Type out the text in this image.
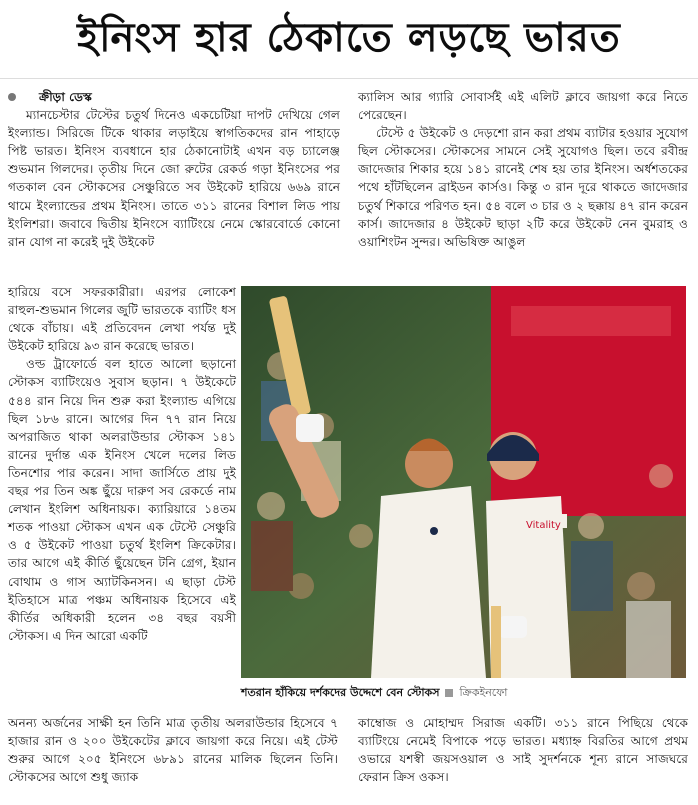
ইনিংস হার ঠেকাতে লড়ছে ভারত

ক্রীড়া ডেস্ক

ম্যানচেস্টার টেস্টের চতুর্থ দিনেও একচেটিয়া দাপট দেখিয়ে গেল ইংল্যান্ড। সিরিজে টিকে থাকার লড়াইয়ে স্বাগতিকদের রান পাহাড়ে পিষ্ট ভারত। ইনিংস ব্যবধানে হার ঠেকানোটাই এখন বড় চ্যালেঞ্জ শুভমান গিলদের। তৃতীয় দিনে জো রুটের রেকর্ড গড়া ইনিংসের পর গতকাল বেন স্টোকসের সেঞ্চুরিতে সব উইকেট হারিয়ে ৬৬৯ রানে থামে ইংল্যান্ডের প্রথম ইনিংস। তাতে ৩১১ রানের বিশাল লিড পায় ইংলিশরা। জবাবে দ্বিতীয় ইনিংসে ব্যাটিংয়ে নেমে স্কোরবোর্ডে কোনো রান যোগ না করেই দুই উইকেট

হারিয়ে বসে সফরকারীরা। এরপর লোকেশ রাহুল-শুভমান গিলের জুটি ভারতকে ব্যাটিং ধস থেকে বাঁচায়। এই প্রতিবেদন লেখা পর্যন্ত দুই উইকেট হারিয়ে ৯৩ রান করেছে ভারত।

ওল্ড ট্রাফোর্ডে বল হাতে আলো ছড়ানো স্টোকস ব্যাটিংয়েও সুবাস ছড়ান। ৭ উইকেটে ৫৪৪ রান নিয়ে দিন শুরু করা ইংল্যান্ড এগিয়ে ছিল ১৮৬ রানে। আগের দিন ৭৭ রান নিয়ে অপরাজিত থাকা অলরাউন্ডার স্টোকস ১৪১ রানের দুর্দান্ত এক ইনিংস খেলে দলের লিড তিনশোর পার করেন। সাদা জার্সিতে প্রায় দুই বছর পর তিন অঙ্ক ছুঁয়ে দারুণ সব রেকর্ডে নাম লেখান ইংলিশ অধিনায়ক। ক্যারিয়ারে ১৪তম শতক পাওয়া স্টোকস এখন এক টেস্টে সেঞ্চুরি ও ৫ উইকেট পাওয়া চতুর্থ ইংলিশ ক্রিকেটার। তার আগে এই কীর্তি ছুঁয়েছেন টনি গ্রেগ, ইয়ান বোথাম ও গাস অ্যাটকিনসন। এ ছাড়া টেস্ট ইতিহাসে মাত্র পঞ্চম অধিনায়ক হিসেবে এই কীর্তির অধিকারী হলেন ৩৪ বছর বয়সী স্টোকস। এ দিন আরো একটি

ক্যালিস আর গ্যারি সোবার্সই এই এলিট ক্লাবে জায়গা করে নিতে পেরেছেন।

টেস্টে ৫ উইকেট ও দেড়শো রান করা প্রথম ব্যাটার হওয়ার সুযোগ ছিল স্টোকসের। স্টোকসের সামনে সেই সুযোগও ছিল। তবে রবীন্দ্র জাদেজার শিকার হয়ে ১৪১ রানেই শেষ হয় তার ইনিংস। অর্ধশতকের পথে হাঁটছিলেন ব্রাইডন কার্স‌ও। কিন্তু ৩ রান দূরে থাকতে জাদেজার চতুর্থ শিকারে পরিণত হন। ৫৪ বলে ৩ চার ও ২ ছক্কায় ৪৭ রান করেন কার্স। জাদেজার ৪ উইকেট ছাড়া ২টি করে উইকেট নেন বুমরাহ ও ওয়াশিংটন সুন্দর। অভিষিক্ত আঙুল

Vitality
শতরান হাঁকিয়ে দর্শকদের উদ্দেশে বেন স্টোকস ক্রিকইনফো

অনন্য অর্জনের সাক্ষী হন তিনি মাত্র তৃতীয় অলরাউন্ডার হিসেবে ৭ হাজার রান ও ২০০ উইকেটের ক্লাবে জায়গা করে নিয়ে। এই টেস্ট শুরুর আগে ২০৫ ইনিংসে ৬৮৯১ রানের মালিক ছিলেন তিনি। স্টোকসের আগে শুধু জ্যাক

কাম্বোজ ও মোহাম্মদ সিরাজ একটি। ৩১১ রানে পিছিয়ে থেকে ব্যাটিংয়ে নেমেই বিপাকে পড়ে ভারত। মধ্যাহ্ন বিরতির আগে প্রথম ওভারে যশস্বী জয়সওয়াল ও সাই সুদর্শনকে শূন্য রানে সাজঘরে ফেরান ক্রিস ওকস।
